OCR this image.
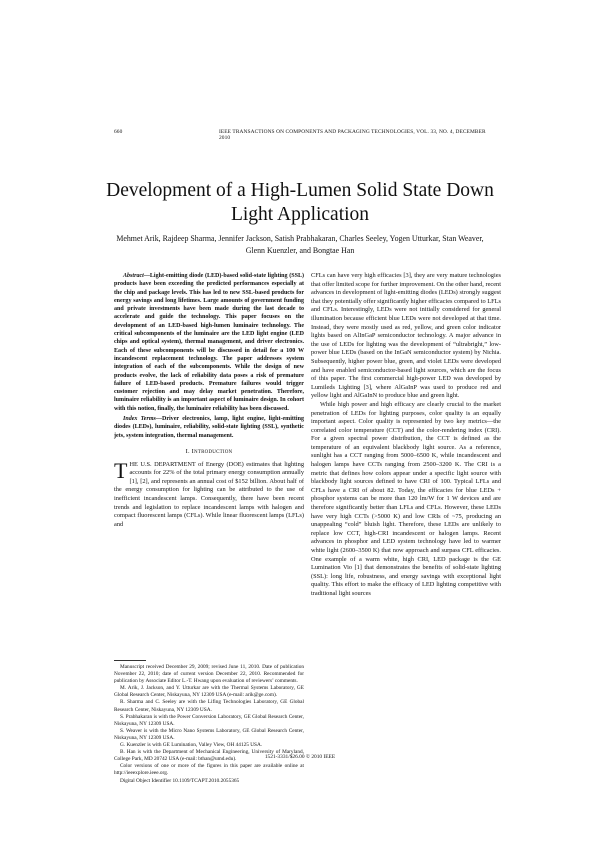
660	IEEE TRANSACTIONS ON COMPONENTS AND PACKAGING TECHNOLOGIES, VOL. 33, NO. 4, DECEMBER 2010
Development of a High-Lumen Solid State Down Light Application
Mehmet Arik, Rajdeep Sharma, Jennifer Jackson, Satish Prabhakaran, Charles Seeley, Yogen Utturkar, Stan Weaver, Glenn Kuenzler, and Bongtae Han

Abstract—Light-emitting diode (LED)-based solid-state lighting (SSL) products have been exceeding the predicted performances especially at the chip and package levels. This has led to new SSL-based products for energy savings and long lifetimes. Large amounts of government funding and private investments have been made during the last decade to accelerate and guide the technology. This paper focuses on the development of an LED-based high-lumen luminaire technology. The critical subcomponents of the luminaire are the LED light engine (LED chips and optical system), thermal management, and driver electronics. Each of these subcomponents will be discussed in detail for a 100 W incandescent replacement technology. The paper addresses system integration of each of the subcomponents. While the design of new products evolve, the lack of reliability data poses a risk of premature failure of LED-based products. Premature failures would trigger customer rejection and may delay market penetration. Therefore, luminaire reliability is an important aspect of luminaire design. In cohort with this notion, finally, the luminaire reliability has been discussed.

Index Terms—Driver electronics, lamp, light engine, light-emitting diodes (LEDs), luminaire, reliability, solid-state lighting (SSL), synthetic jets, system integration, thermal management.

I. Introduction

THE U.S. DEPARTMENT of Energy (DOE) estimates that lighting accounts for 22% of the total primary energy consumption annually [1], [2], and represents an annual cost of $152 billion. About half of the energy consumption for lighting can be attributed to the use of inefficient incandescent lamps. Consequently, there have been recent trends and legislation to replace incandescent lamps with halogen and compact fluorescent lamps (CFLs). While linear fluorescent lamps (LFLs) and

Manuscript received December 29, 2009; revised June 11, 2010. Date of publication November 22, 2010; date of current version December 22, 2010. Recommended for publication by Associate Editor L.-T. Hwang upon evaluation of reviewers’ comments.

M. Arik, J. Jackson, and Y. Utturkar are with the Thermal Systems Laboratory, GE Global Research Center, Niskayuna, NY 12309 USA (e-mail: arik@ge.com).

R. Sharma and C. Seeley are with the Lifing Technologies Laboratory, GE Global Research Center, Niskayuna, NY 12309 USA.

S. Prabhakaran is with the Power Conversion Laboratory, GE Global Research Center, Niskayuna, NY 12309 USA.

S. Weaver is with the Micro Nano Systems Laboratory, GE Global Research Center, Niskayuna, NY 12309 USA.

G. Kuenzler is with GE Lumination, Valley View, OH 44125 USA.

B. Han is with the Department of Mechanical Engineering, University of Maryland, College Park, MD 20742 USA (e-mail: bthan@umd.edu).

Color versions of one or more of the figures in this paper are available online at http://ieeexplore.ieee.org.

Digital Object Identifier 10.1109/TCAPT.2010.2055365

CFLs can have very high efficacies [3], they are very mature technologies that offer limited scope for further improvement. On the other hand, recent advances in development of light-emitting diodes (LEDs) strongly suggest that they potentially offer significantly higher efficacies compared to LFLs and CFLs. Interestingly, LEDs were not initially considered for general illumination because efficient blue LEDs were not developed at that time. Instead, they were mostly used as red, yellow, and green color indicator lights based on AlInGaP semiconductor technology. A major advance in the use of LEDs for lighting was the development of “ultrabright,” low-power blue LEDs (based on the InGaN semiconductor system) by Nichia. Subsequently, higher power blue, green, and violet LEDs were developed and have enabled semiconductor-based light sources, which are the focus of this paper. The first commercial high-power LED was developed by Lumileds Lighting [3], where AlGaInP was used to produce red and yellow light and AlGaInN to produce blue and green light.

While high power and high efficacy are clearly crucial to the market penetration of LEDs for lighting purposes, color quality is an equally important aspect. Color quality is represented by two key metrics—the correlated color temperature (CCT) and the color-rendering index (CRI). For a given spectral power distribution, the CCT is defined as the temperature of an equivalent blackbody light source. As a reference, sunlight has a CCT ranging from 5000–6500 K, while incandescent and halogen lamps have CCTs ranging from 2500–3200 K. The CRI is a metric that defines how colors appear under a specific light source with blackbody light sources defined to have CRI of 100. Typical LFLs and CFLs have a CRI of about 82. Today, the efficacies for blue LEDs + phosphor systems can be more than 120 lm/W for 1 W devices and are therefore significantly better than LFLs and CFLs. However, these LEDs have very high CCTs (>5000 K) and low CRIs of ~75, producing an unappealing “cold” bluish light. Therefore, these LEDs are unlikely to replace low CCT, high-CRI incandescent or halogen lamps. Recent advances in phosphor and LED system technology have led to warmer white light (2600–3500 K) that now approach and surpass CFL efficacies. One example of a warm white, high CRI, LED package is the GE Lumination Vio [1] that demonstrates the benefits of solid-state lighting (SSL): long life, robustness, and energy savings with exceptional light quality. This effort to make the efficacy of LED lighting competitive with traditional light sources

1521-3331/$26.00 © 2010 IEEE
